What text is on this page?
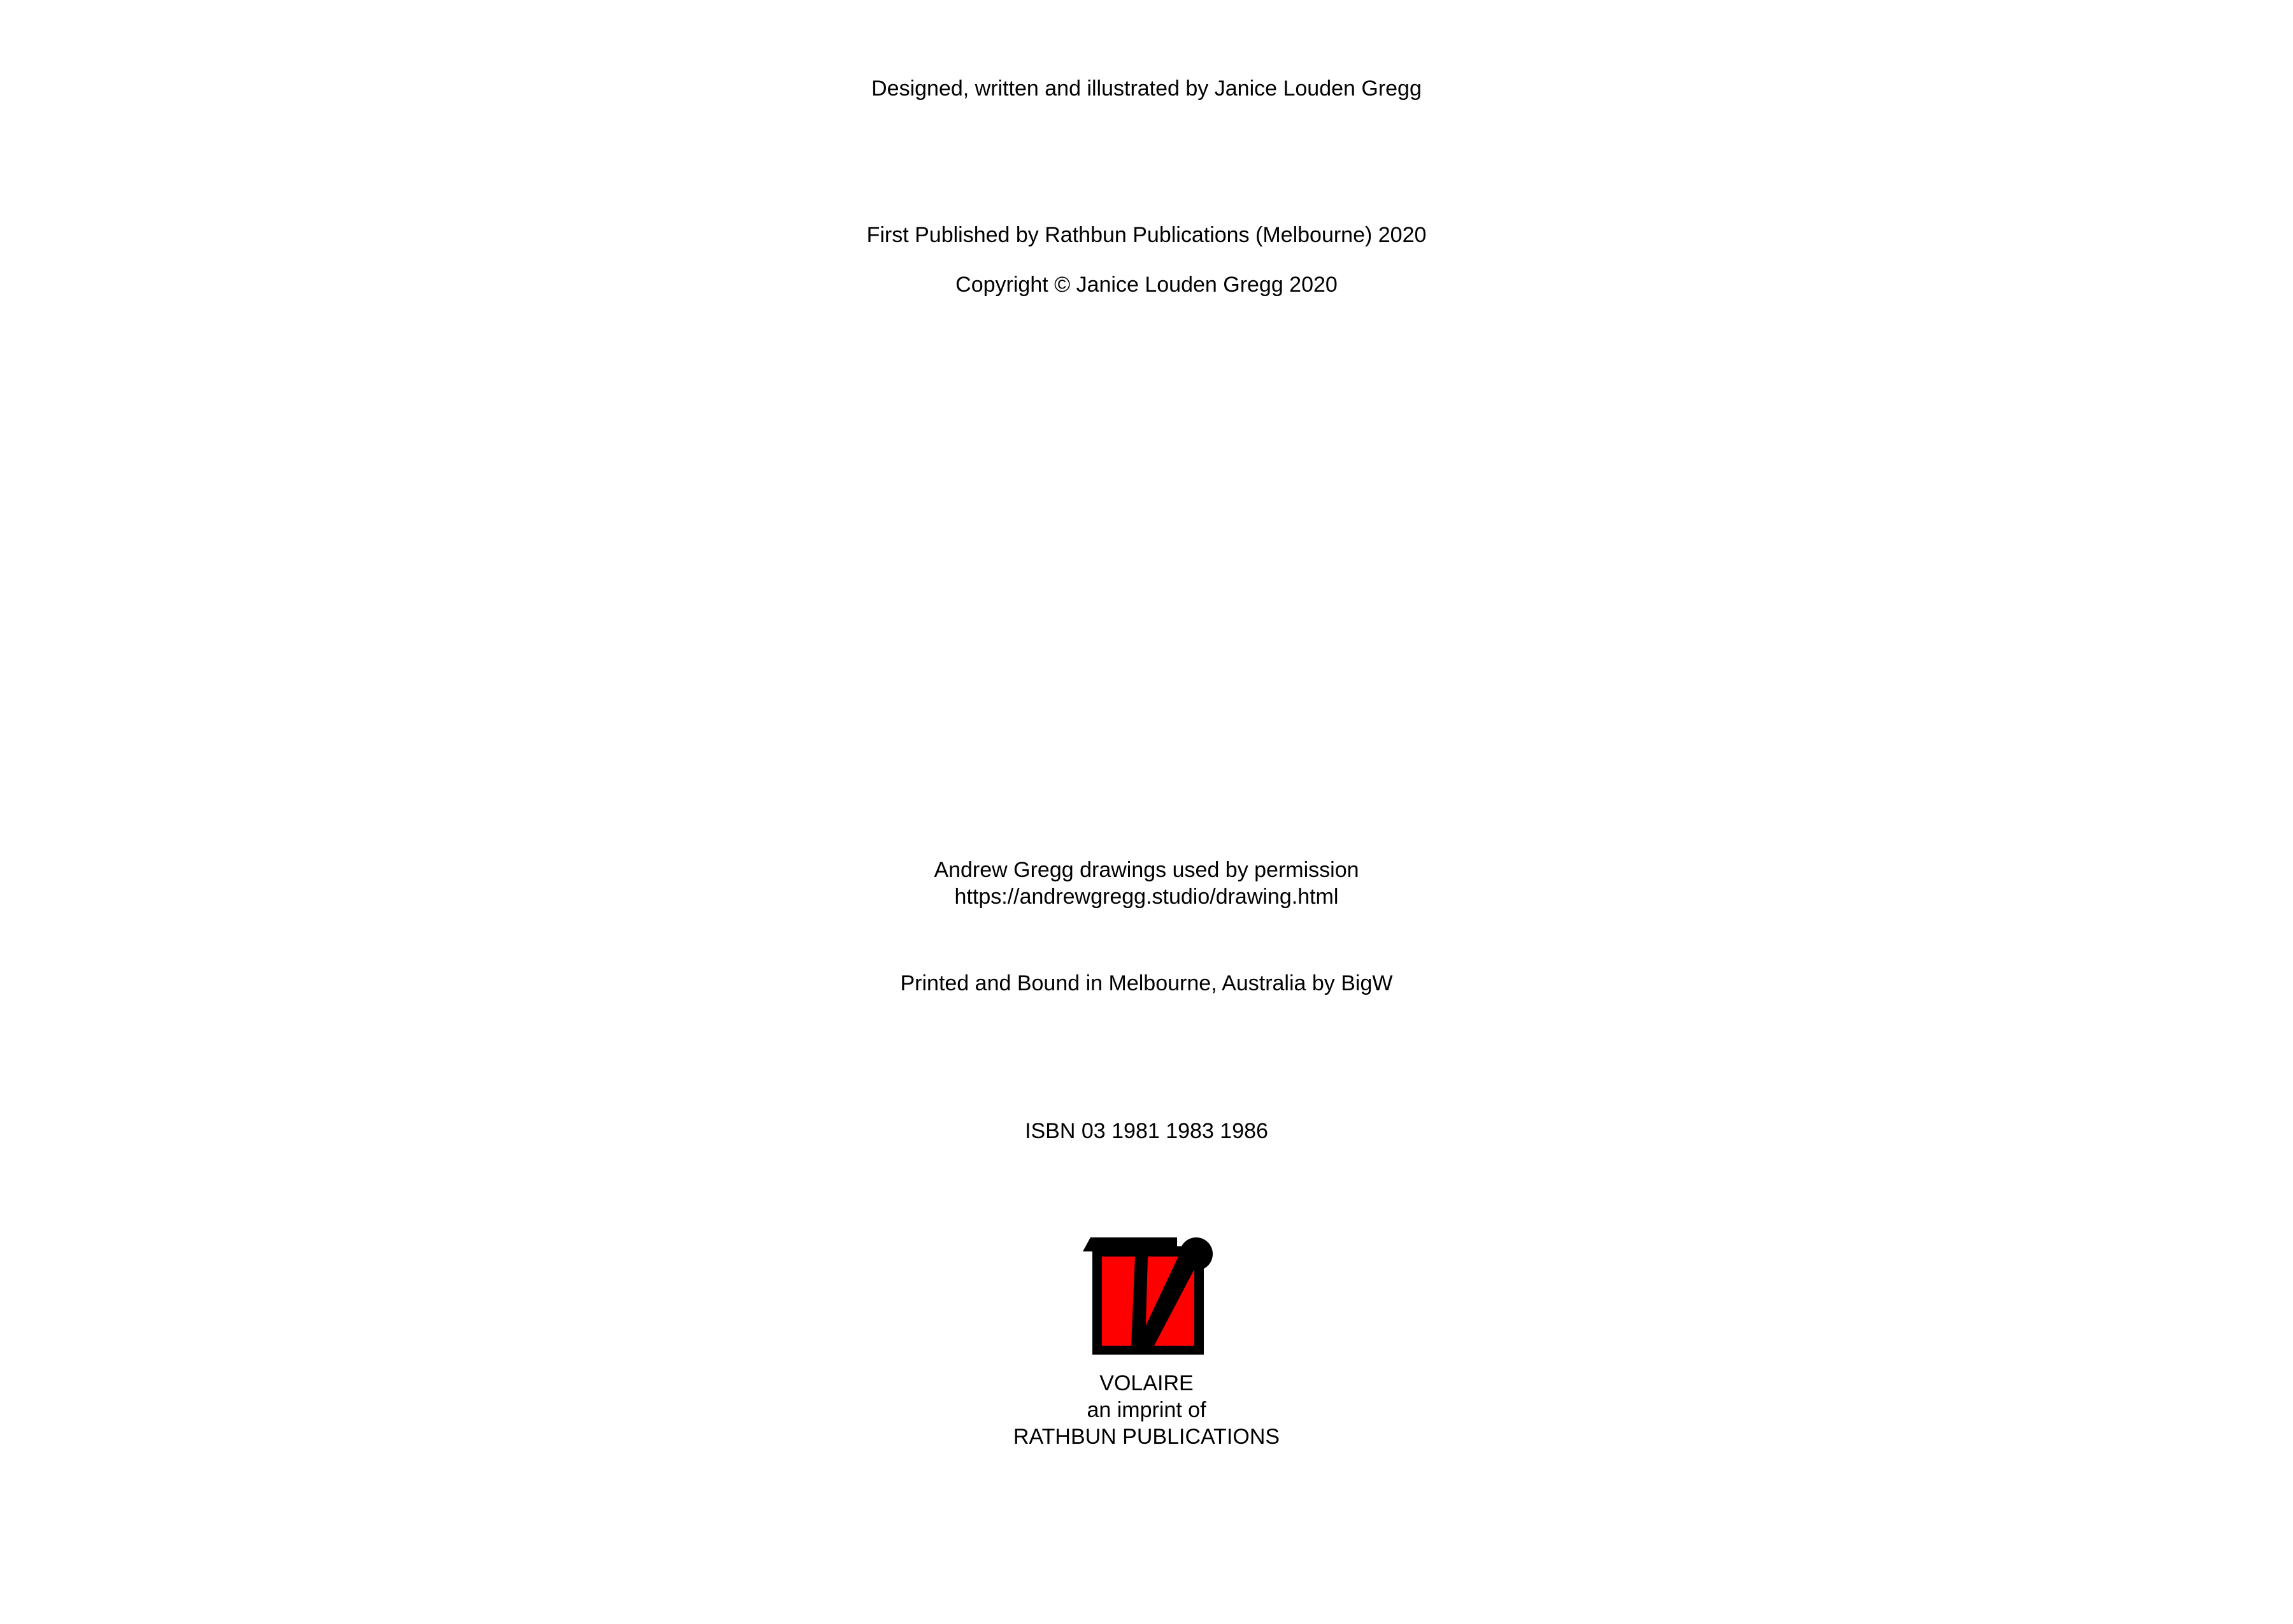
Designed, written and illustrated by Janice Louden Gregg
First Published by Rathbun Publications (Melbourne) 2020
Copyright © Janice Louden Gregg 2020
Andrew Gregg drawings used by permission
https://andrewgregg.studio/drawing.html
Printed and Bound in Melbourne, Australia by BigW
ISBN 03 1981 1983 1986
VOLAIRE
an imprint of
RATHBUN PUBLICATIONS
